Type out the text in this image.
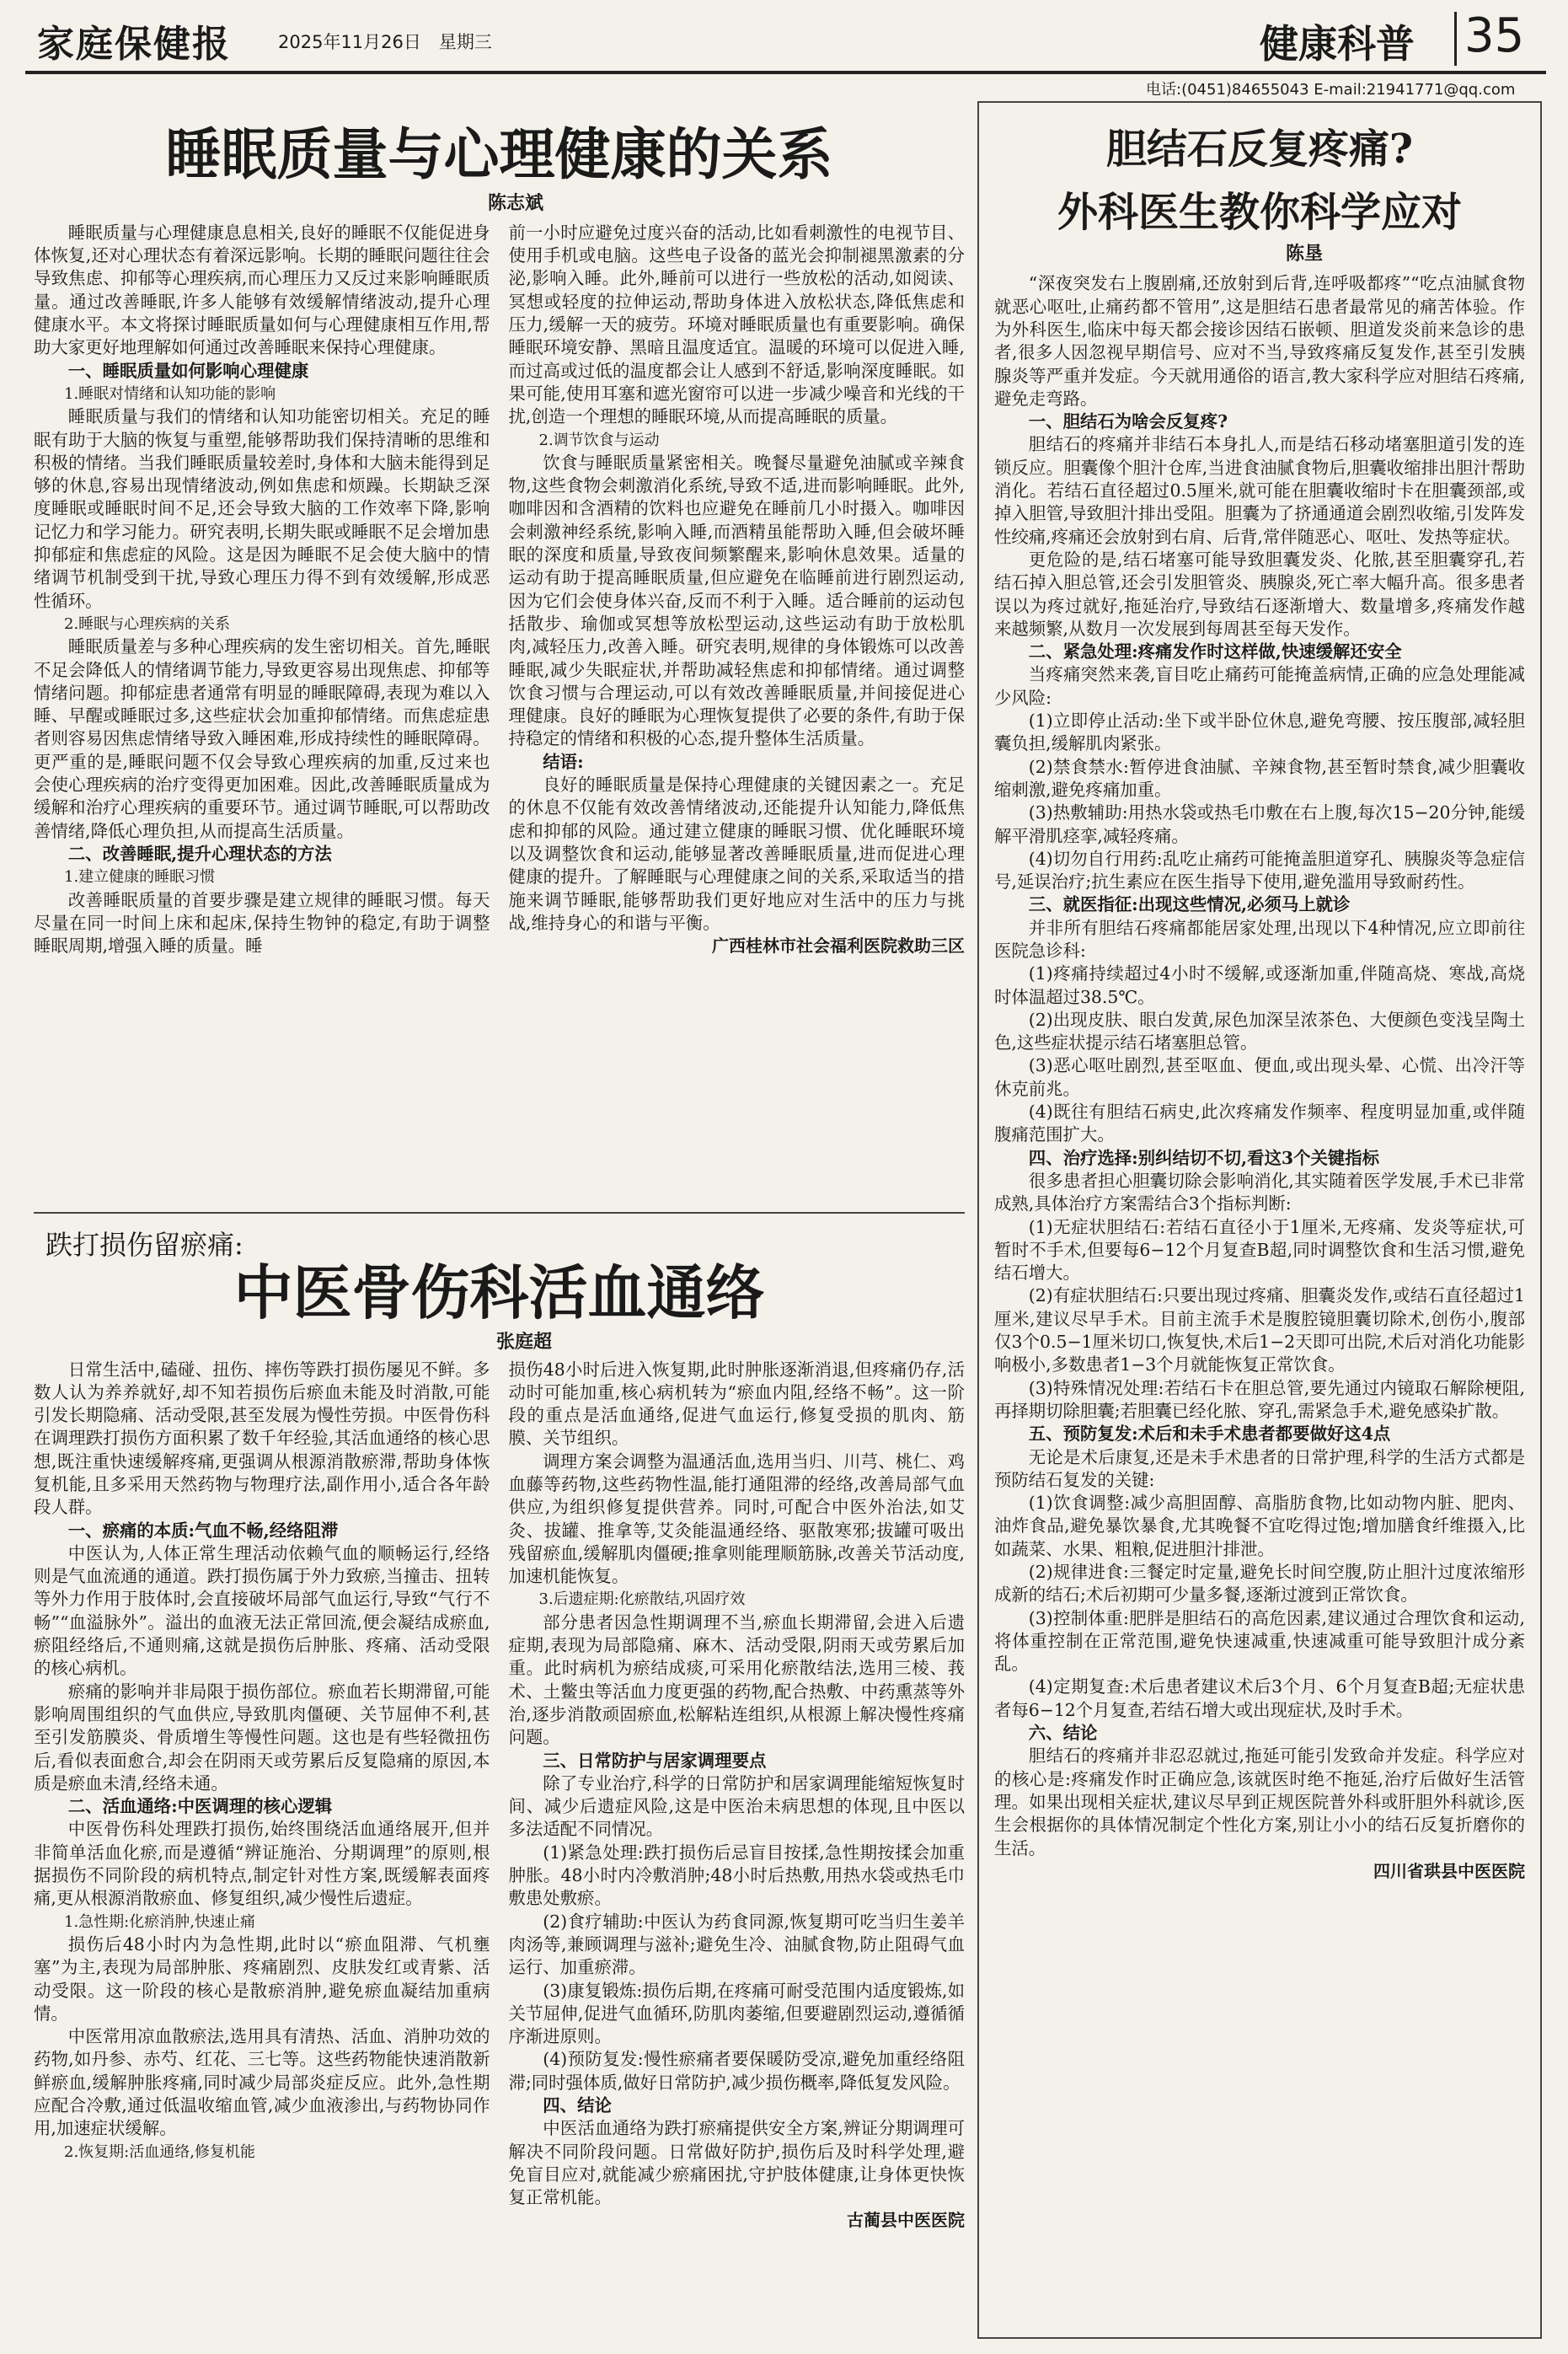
家庭保健报	2025年11月26日　星期三	健康科普 35
电话:(0451)84655043 E-mail:21941771@qq.com
睡眠质量与心理健康的关系
陈志斌

睡眠质量与心理健康息息相关,良好的睡眠不仅能促进身体恢复,还对心理状态有着深远影响。长期的睡眠问题往往会导致焦虑、抑郁等心理疾病,而心理压力又反过来影响睡眠质量。通过改善睡眠,许多人能够有效缓解情绪波动,提升心理健康水平。本文将探讨睡眠质量如何与心理健康相互作用,帮助大家更好地理解如何通过改善睡眠来保持心理健康。

一、睡眠质量如何影响心理健康

1.睡眠对情绪和认知功能的影响

睡眠质量与我们的情绪和认知功能密切相关。充足的睡眠有助于大脑的恢复与重塑,能够帮助我们保持清晰的思维和积极的情绪。当我们睡眠质量较差时,身体和大脑未能得到足够的休息,容易出现情绪波动,例如焦虑和烦躁。长期缺乏深度睡眠或睡眠时间不足,还会导致大脑的工作效率下降,影响记忆力和学习能力。研究表明,长期失眠或睡眠不足会增加患抑郁症和焦虑症的风险。这是因为睡眠不足会使大脑中的情绪调节机制受到干扰,导致心理压力得不到有效缓解,形成恶性循环。

2.睡眠与心理疾病的关系

睡眠质量差与多种心理疾病的发生密切相关。首先,睡眠不足会降低人的情绪调节能力,导致更容易出现焦虑、抑郁等情绪问题。抑郁症患者通常有明显的睡眠障碍,表现为难以入睡、早醒或睡眠过多,这些症状会加重抑郁情绪。而焦虑症患者则容易因焦虑情绪导致入睡困难,形成持续性的睡眠障碍。更严重的是,睡眠问题不仅会导致心理疾病的加重,反过来也会使心理疾病的治疗变得更加困难。因此,改善睡眠质量成为缓解和治疗心理疾病的重要环节。通过调节睡眠,可以帮助改善情绪,降低心理负担,从而提高生活质量。

二、改善睡眠,提升心理状态的方法

1.建立健康的睡眠习惯

改善睡眠质量的首要步骤是建立规律的睡眠习惯。每天尽量在同一时间上床和起床,保持生物钟的稳定,有助于调整睡眠周期,增强入睡的质量。睡

前一小时应避免过度兴奋的活动,比如看刺激性的电视节目、使用手机或电脑。这些电子设备的蓝光会抑制褪黑激素的分泌,影响入睡。此外,睡前可以进行一些放松的活动,如阅读、冥想或轻度的拉伸运动,帮助身体进入放松状态,降低焦虑和压力,缓解一天的疲劳。环境对睡眠质量也有重要影响。确保睡眠环境安静、黑暗且温度适宜。温暖的环境可以促进入睡,而过高或过低的温度都会让人感到不舒适,影响深度睡眠。如果可能,使用耳塞和遮光窗帘可以进一步减少噪音和光线的干扰,创造一个理想的睡眠环境,从而提高睡眠的质量。

2.调节饮食与运动

饮食与睡眠质量紧密相关。晚餐尽量避免油腻或辛辣食物,这些食物会刺激消化系统,导致不适,进而影响睡眠。此外,咖啡因和含酒精的饮料也应避免在睡前几小时摄入。咖啡因会刺激神经系统,影响入睡,而酒精虽能帮助入睡,但会破坏睡眠的深度和质量,导致夜间频繁醒来,影响休息效果。适量的运动有助于提高睡眠质量,但应避免在临睡前进行剧烈运动,因为它们会使身体兴奋,反而不利于入睡。适合睡前的运动包括散步、瑜伽或冥想等放松型运动,这些运动有助于放松肌肉,减轻压力,改善入睡。研究表明,规律的身体锻炼可以改善睡眠,减少失眠症状,并帮助减轻焦虑和抑郁情绪。通过调整饮食习惯与合理运动,可以有效改善睡眠质量,并间接促进心理健康。良好的睡眠为心理恢复提供了必要的条件,有助于保持稳定的情绪和积极的心态,提升整体生活质量。

结语:

良好的睡眠质量是保持心理健康的关键因素之一。充足的休息不仅能有效改善情绪波动,还能提升认知能力,降低焦虑和抑郁的风险。通过建立健康的睡眠习惯、优化睡眠环境以及调整饮食和运动,能够显著改善睡眠质量,进而促进心理健康的提升。了解睡眠与心理健康之间的关系,采取适当的措施来调节睡眠,能够帮助我们更好地应对生活中的压力与挑战,维持身心的和谐与平衡。

广西桂林市社会福利医院救助三区
跌打损伤留瘀痛:
中医骨伤科活血通络
张庭超

日常生活中,磕碰、扭伤、摔伤等跌打损伤屡见不鲜。多数人认为养养就好,却不知若损伤后瘀血未能及时消散,可能引发长期隐痛、活动受限,甚至发展为慢性劳损。中医骨伤科在调理跌打损伤方面积累了数千年经验,其活血通络的核心思想,既注重快速缓解疼痛,更强调从根源消散瘀滞,帮助身体恢复机能,且多采用天然药物与物理疗法,副作用小,适合各年龄段人群。

一、瘀痛的本质:气血不畅,经络阻滞

中医认为,人体正常生理活动依赖气血的顺畅运行,经络则是气血流通的通道。跌打损伤属于外力致瘀,当撞击、扭转等外力作用于肢体时,会直接破坏局部气血运行,导致“气行不畅”“血溢脉外”。溢出的血液无法正常回流,便会凝结成瘀血,瘀阻经络后,不通则痛,这就是损伤后肿胀、疼痛、活动受限的核心病机。

瘀痛的影响并非局限于损伤部位。瘀血若长期滞留,可能影响周围组织的气血供应,导致肌肉僵硬、关节屈伸不利,甚至引发筋膜炎、骨质增生等慢性问题。这也是有些轻微扭伤后,看似表面愈合,却会在阴雨天或劳累后反复隐痛的原因,本质是瘀血未清,经络未通。

二、活血通络:中医调理的核心逻辑

中医骨伤科处理跌打损伤,始终围绕活血通络展开,但并非简单活血化瘀,而是遵循“辨证施治、分期调理”的原则,根据损伤不同阶段的病机特点,制定针对性方案,既缓解表面疼痛,更从根源消散瘀血、修复组织,减少慢性后遗症。

1.急性期:化瘀消肿,快速止痛

损伤后48小时内为急性期,此时以“瘀血阻滞、气机壅塞”为主,表现为局部肿胀、疼痛剧烈、皮肤发红或青紫、活动受限。这一阶段的核心是散瘀消肿,避免瘀血凝结加重病情。

中医常用凉血散瘀法,选用具有清热、活血、消肿功效的药物,如丹参、赤芍、红花、三七等。这些药物能快速消散新鲜瘀血,缓解肿胀疼痛,同时减少局部炎症反应。此外,急性期应配合冷敷,通过低温收缩血管,减少血液渗出,与药物协同作用,加速症状缓解。

2.恢复期:活血通络,修复机能

损伤48小时后进入恢复期,此时肿胀逐渐消退,但疼痛仍存,活动时可能加重,核心病机转为“瘀血内阻,经络不畅”。这一阶段的重点是活血通络,促进气血运行,修复受损的肌肉、筋膜、关节组织。

调理方案会调整为温通活血,选用当归、川芎、桃仁、鸡血藤等药物,这些药物性温,能打通阻滞的经络,改善局部气血供应,为组织修复提供营养。同时,可配合中医外治法,如艾灸、拔罐、推拿等,艾灸能温通经络、驱散寒邪;拔罐可吸出残留瘀血,缓解肌肉僵硬;推拿则能理顺筋脉,改善关节活动度,加速机能恢复。

3.后遗症期:化瘀散结,巩固疗效

部分患者因急性期调理不当,瘀血长期滞留,会进入后遗症期,表现为局部隐痛、麻木、活动受限,阴雨天或劳累后加重。此时病机为瘀结成痰,可采用化瘀散结法,选用三棱、莪术、土鳖虫等活血力度更强的药物,配合热敷、中药熏蒸等外治,逐步消散顽固瘀血,松解粘连组织,从根源上解决慢性疼痛问题。

三、日常防护与居家调理要点

除了专业治疗,科学的日常防护和居家调理能缩短恢复时间、减少后遗症风险,这是中医治未病思想的体现,且中医以多法适配不同情况。

(1)紧急处理:跌打损伤后忌盲目按揉,急性期按揉会加重肿胀。48小时内冷敷消肿;48小时后热敷,用热水袋或热毛巾敷患处敷瘀。

(2)食疗辅助:中医认为药食同源,恢复期可吃当归生姜羊肉汤等,兼顾调理与滋补;避免生冷、油腻食物,防止阻碍气血运行、加重瘀滞。

(3)康复锻炼:损伤后期,在疼痛可耐受范围内适度锻炼,如关节屈伸,促进气血循环,防肌肉萎缩,但要避剧烈运动,遵循循序渐进原则。

(4)预防复发:慢性瘀痛者要保暖防受凉,避免加重经络阻滞;同时强体质,做好日常防护,减少损伤概率,降低复发风险。

四、结论

中医活血通络为跌打瘀痛提供安全方案,辨证分期调理可解决不同阶段问题。日常做好防护,损伤后及时科学处理,避免盲目应对,就能减少瘀痛困扰,守护肢体健康,让身体更快恢复正常机能。

古蔺县中医医院
胆结石反复疼痛?
外科医生教你科学应对
陈垦

“深夜突发右上腹剧痛,还放射到后背,连呼吸都疼”“吃点油腻食物就恶心呕吐,止痛药都不管用”,这是胆结石患者最常见的痛苦体验。作为外科医生,临床中每天都会接诊因结石嵌顿、胆道发炎前来急诊的患者,很多人因忽视早期信号、应对不当,导致疼痛反复发作,甚至引发胰腺炎等严重并发症。今天就用通俗的语言,教大家科学应对胆结石疼痛,避免走弯路。

一、胆结石为啥会反复疼?

胆结石的疼痛并非结石本身扎人,而是结石移动堵塞胆道引发的连锁反应。胆囊像个胆汁仓库,当进食油腻食物后,胆囊收缩排出胆汁帮助消化。若结石直径超过0.5厘米,就可能在胆囊收缩时卡在胆囊颈部,或掉入胆管,导致胆汁排出受阻。胆囊为了挤通通道会剧烈收缩,引发阵发性绞痛,疼痛还会放射到右肩、后背,常伴随恶心、呕吐、发热等症状。

更危险的是,结石堵塞可能导致胆囊发炎、化脓,甚至胆囊穿孔,若结石掉入胆总管,还会引发胆管炎、胰腺炎,死亡率大幅升高。很多患者误以为疼过就好,拖延治疗,导致结石逐渐增大、数量增多,疼痛发作越来越频繁,从数月一次发展到每周甚至每天发作。

二、紧急处理:疼痛发作时这样做,快速缓解还安全

当疼痛突然来袭,盲目吃止痛药可能掩盖病情,正确的应急处理能减少风险:

(1)立即停止活动:坐下或半卧位休息,避免弯腰、按压腹部,减轻胆囊负担,缓解肌肉紧张。

(2)禁食禁水:暂停进食油腻、辛辣食物,甚至暂时禁食,减少胆囊收缩刺激,避免疼痛加重。

(3)热敷辅助:用热水袋或热毛巾敷在右上腹,每次15−20分钟,能缓解平滑肌痉挛,减轻疼痛。

(4)切勿自行用药:乱吃止痛药可能掩盖胆道穿孔、胰腺炎等急症信号,延误治疗;抗生素应在医生指导下使用,避免滥用导致耐药性。

三、就医指征:出现这些情况,必须马上就诊

并非所有胆结石疼痛都能居家处理,出现以下4种情况,应立即前往医院急诊科:

(1)疼痛持续超过4小时不缓解,或逐渐加重,伴随高烧、寒战,高烧时体温超过38.5℃。

(2)出现皮肤、眼白发黄,尿色加深呈浓茶色、大便颜色变浅呈陶土色,这些症状提示结石堵塞胆总管。

(3)恶心呕吐剧烈,甚至呕血、便血,或出现头晕、心慌、出冷汗等休克前兆。

(4)既往有胆结石病史,此次疼痛发作频率、程度明显加重,或伴随腹痛范围扩大。

四、治疗选择:别纠结切不切,看这3个关键指标

很多患者担心胆囊切除会影响消化,其实随着医学发展,手术已非常成熟,具体治疗方案需结合3个指标判断:

(1)无症状胆结石:若结石直径小于1厘米,无疼痛、发炎等症状,可暂时不手术,但要每6−12个月复查B超,同时调整饮食和生活习惯,避免结石增大。

(2)有症状胆结石:只要出现过疼痛、胆囊炎发作,或结石直径超过1厘米,建议尽早手术。目前主流手术是腹腔镜胆囊切除术,创伤小,腹部仅3个0.5−1厘米切口,恢复快,术后1−2天即可出院,术后对消化功能影响极小,多数患者1−3个月就能恢复正常饮食。

(3)特殊情况处理:若结石卡在胆总管,要先通过内镜取石解除梗阻,再择期切除胆囊;若胆囊已经化脓、穿孔,需紧急手术,避免感染扩散。

五、预防复发:术后和未手术患者都要做好这4点

无论是术后康复,还是未手术患者的日常护理,科学的生活方式都是预防结石复发的关键:

(1)饮食调整:减少高胆固醇、高脂肪食物,比如动物内脏、肥肉、油炸食品,避免暴饮暴食,尤其晚餐不宜吃得过饱;增加膳食纤维摄入,比如蔬菜、水果、粗粮,促进胆汁排泄。

(2)规律进食:三餐定时定量,避免长时间空腹,防止胆汁过度浓缩形成新的结石;术后初期可少量多餐,逐渐过渡到正常饮食。

(3)控制体重:肥胖是胆结石的高危因素,建议通过合理饮食和运动,将体重控制在正常范围,避免快速减重,快速减重可能导致胆汁成分紊乱。

(4)定期复查:术后患者建议术后3个月、6个月复查B超;无症状患者每6−12个月复查,若结石增大或出现症状,及时手术。

六、结论

胆结石的疼痛并非忍忍就过,拖延可能引发致命并发症。科学应对的核心是:疼痛发作时正确应急,该就医时绝不拖延,治疗后做好生活管理。如果出现相关症状,建议尽早到正规医院普外科或肝胆外科就诊,医生会根据你的具体情况制定个性化方案,别让小小的结石反复折磨你的生活。

四川省珙县中医医院
